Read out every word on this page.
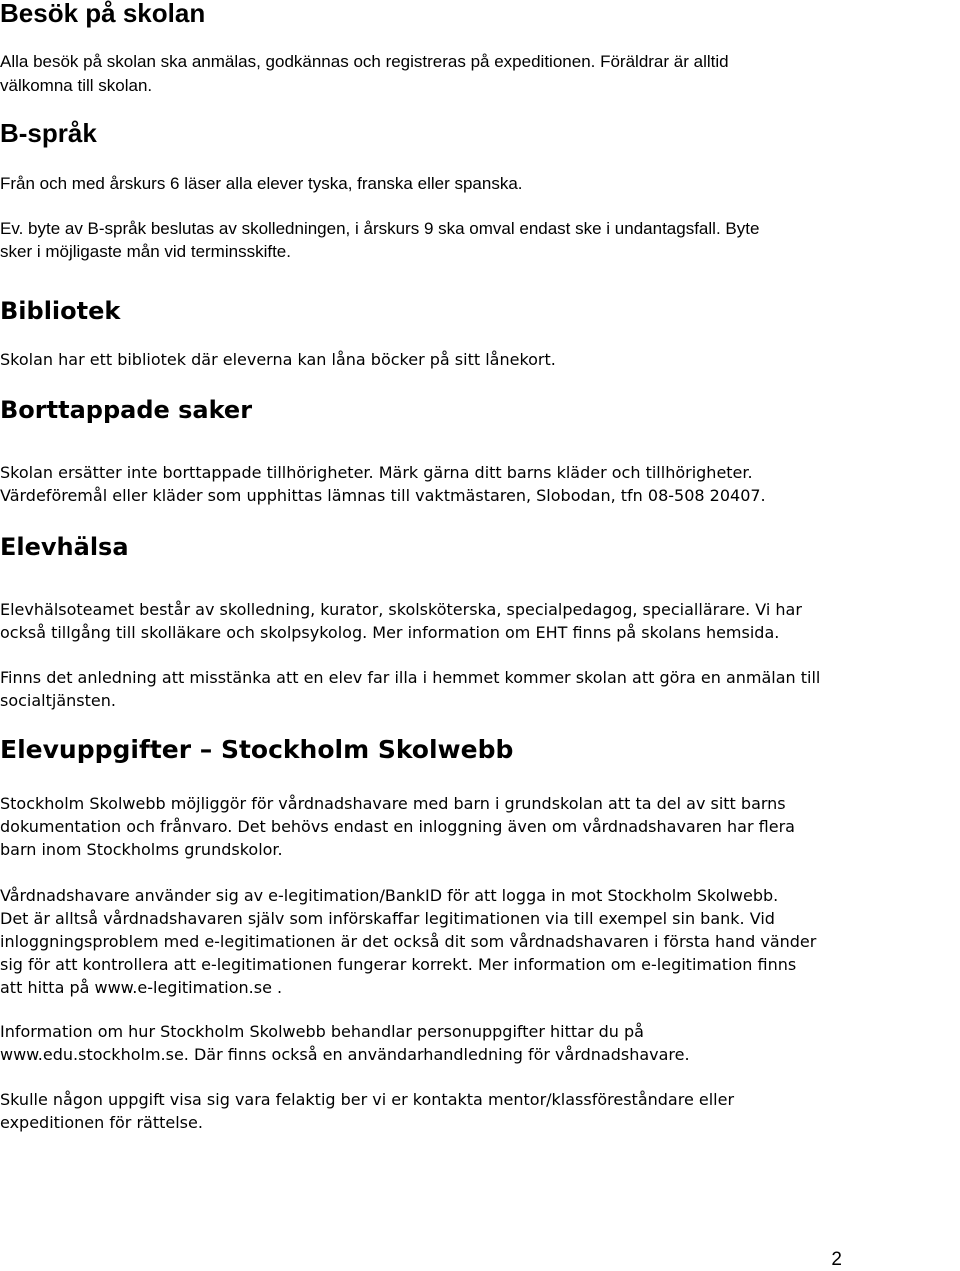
Besök på skolan
Alla besök på skolan ska anmälas, godkännas och registreras på expeditionen. Föräldrar är alltid
välkomna till skolan.
B-språk
Från och med årskurs 6 läser alla elever tyska, franska eller spanska.
Ev. byte av B-språk beslutas av skolledningen, i årskurs 9 ska omval endast ske i undantagsfall. Byte
sker i möjligaste mån vid terminsskifte.
Bibliotek
Skolan har ett bibliotek där eleverna kan låna böcker på sitt lånekort.
Borttappade saker
Skolan ersätter inte borttappade tillhörigheter. Märk gärna ditt barns kläder och tillhörigheter.
Värdeföremål eller kläder som upphittas lämnas till vaktmästaren, Slobodan, tfn 08-508 20407.
Elevhälsa
Elevhälsoteamet består av skolledning, kurator, skolsköterska, specialpedagog, speciallärare. Vi har
också tillgång till skolläkare och skolpsykolog. Mer information om EHT finns på skolans hemsida.
Finns det anledning att misstänka att en elev far illa i hemmet kommer skolan att göra en anmälan till
socialtjänsten.
Elevuppgifter – Stockholm Skolwebb
Stockholm Skolwebb möjliggör för vårdnadshavare med barn i grundskolan att ta del av sitt barns
dokumentation och frånvaro. Det behövs endast en inloggning även om vårdnadshavaren har flera
barn inom Stockholms grundskolor.
Vårdnadshavare använder sig av e-legitimation/BankID för att logga in mot Stockholm Skolwebb.
Det är alltså vårdnadshavaren själv som införskaffar legitimationen via till exempel sin bank. Vid
inloggningsproblem med e-legitimationen är det också dit som vårdnadshavaren i första hand vänder
sig för att kontrollera att e-legitimationen fungerar korrekt. Mer information om e-legitimation finns
att hitta på www.e-legitimation.se .
Information om hur Stockholm Skolwebb behandlar personuppgifter hittar du på
www.edu.stockholm.se. Där finns också en användarhandledning för vårdnadshavare.
Skulle någon uppgift visa sig vara felaktig ber vi er kontakta mentor/klassföreståndare eller
expeditionen för rättelse.
2
